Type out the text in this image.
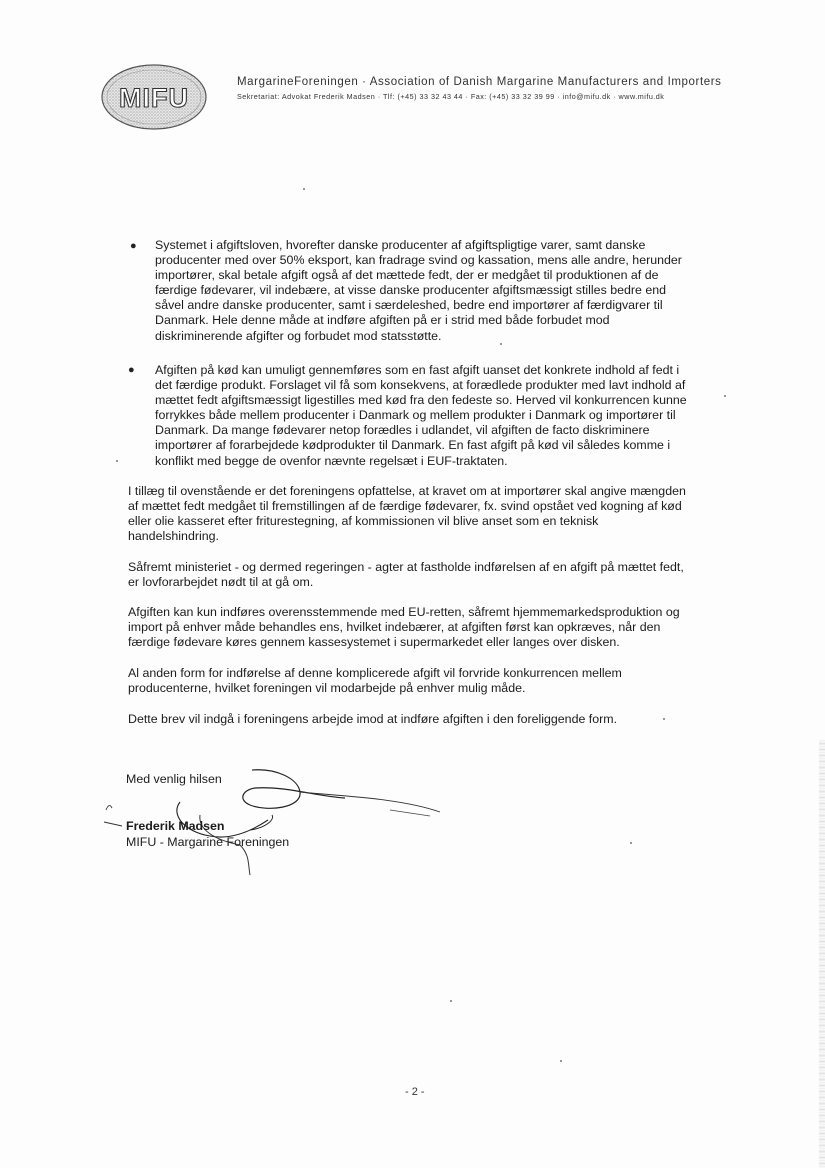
MIFU
MargarineForeningen · Association of Danish Margarine Manufacturers and Importers
Sekretariat: Advokat Frederik Madsen · Tlf: (+45) 33 32 43 44 · Fax: (+45) 33 32 39 99 · info@mifu.dk · www.mifu.dk
● Systemet i afgiftsloven, hvorefter danske producenter af afgiftspligtige varer, samt danske
producenter med over 50% eksport, kan fradrage svind og kassation, mens alle andre, herunder
importører, skal betale afgift også af det mættede fedt, der er medgået til produktionen af de
færdige fødevarer, vil indebære, at visse danske producenter afgiftsmæssigt stilles bedre end
såvel andre danske producenter, samt i særdeleshed, bedre end importører af færdigvarer til
Danmark. Hele denne måde at indføre afgiften på er i strid med både forbudet mod
diskriminerende afgifter og forbudet mod statsstøtte.
● Afgiften på kød kan umuligt gennemføres som en fast afgift uanset det konkrete indhold af fedt i
det færdige produkt. Forslaget vil få som konsekvens, at forædlede produkter med lavt indhold af
mættet fedt afgiftsmæssigt ligestilles med kød fra den fedeste so. Herved vil konkurrencen kunne
forrykkes både mellem producenter i Danmark og mellem produkter i Danmark og importører til
Danmark. Da mange fødevarer netop forædles i udlandet, vil afgiften de facto diskriminere
importører af forarbejdede kødprodukter til Danmark. En fast afgift på kød vil således komme i
konflikt med begge de ovenfor nævnte regelsæt i EUF-traktaten.
I tillæg til ovenstående er det foreningens opfattelse, at kravet om at importører skal angive mængden
af mættet fedt medgået til fremstillingen af de færdige fødevarer, fx. svind opstået ved kogning af kød
eller olie kasseret efter friturestegning, af kommissionen vil blive anset som en teknisk
handelshindring.
Såfremt ministeriet - og dermed regeringen - agter at fastholde indførelsen af en afgift på mættet fedt,
er lovforarbejdet nødt til at gå om.
Afgiften kan kun indføres overensstemmende med EU-retten, såfremt hjemmemarkedsproduktion og
import på enhver måde behandles ens, hvilket indebærer, at afgiften først kan opkræves, når den
færdige fødevare køres gennem kassesystemet i supermarkedet eller langes over disken.
Al anden form for indførelse af denne komplicerede afgift vil forvride konkurrencen mellem
producenterne, hvilket foreningen vil modarbejde på enhver mulig måde.
Dette brev vil indgå i foreningens arbejde imod at indføre afgiften i den foreliggende form.
Med venlig hilsen
Frederik Madsen
MIFU - Margarine Foreningen
- 2 -
